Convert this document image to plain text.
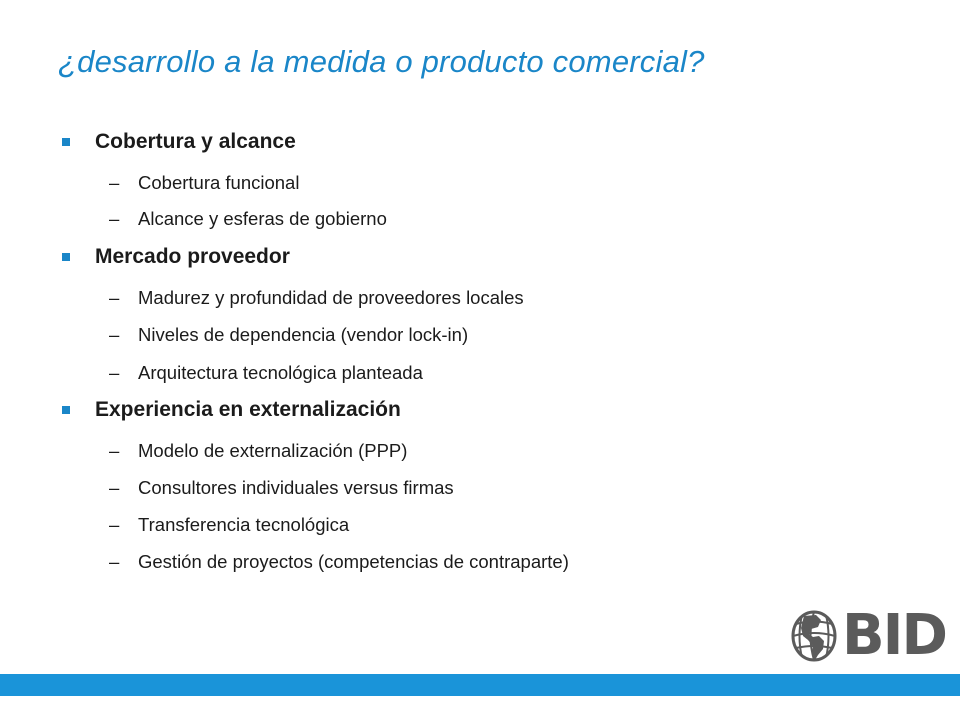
¿desarrollo a la medida o producto comercial?
Cobertura y alcance
–	Cobertura funcional
–	Alcance y esferas de gobierno
Mercado proveedor
–	Madurez y profundidad de proveedores locales
–	Niveles de dependencia (vendor lock-in)
–	Arquitectura tecnológica planteada
Experiencia en externalización
–	Modelo de externalización (PPP)
–	Consultores individuales versus firmas
–	Transferencia tecnológica
–	Gestión de proyectos (competencias de contraparte)
BID
